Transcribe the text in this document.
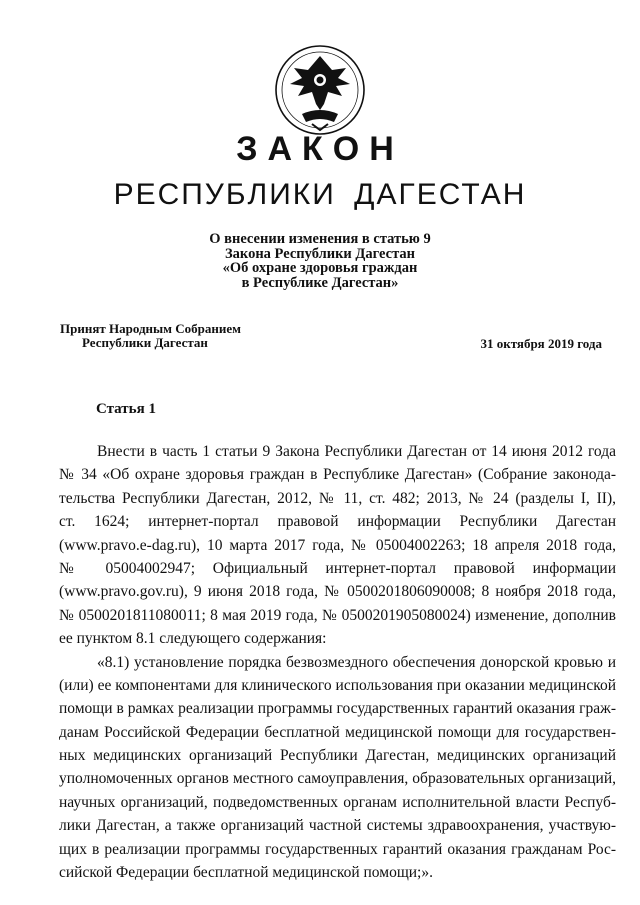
ЗАКОН
РЕСПУБЛИКИ ДАГЕСТАН
О внесении изменения в статью 9
Закона Республики Дагестан
«Об охране здоровья граждан
в Республике Дагестан»
Принят Народным Собранием
Республики Дагестан	31 октября 2019 года
Статья 1
Внести в часть 1 статьи 9 Закона Республики Дагестан от 14 июня 2012 года
№ 34 «Об охране здоровья граждан в Республике Дагестан» (Собрание законода-
тельства Республики Дагестан, 2012, № 11, ст. 482; 2013, № 24 (разделы I, II),
ст. 1624; интернет-портал правовой информации Республики Дагестан
(www.pravo.e-dag.ru), 10 марта 2017 года, № 05004002263; 18 апреля 2018 года,
№ 05004002947; Официальный интернет-портал правовой информации
(www.pravo.gov.ru), 9 июня 2018 года, № 0500201806090008; 8 ноября 2018 года,
№ 0500201811080011; 8 мая 2019 года, № 0500201905080024) изменение, дополнив
ее пунктом 8.1 следующего содержания:
«8.1) установление порядка безвозмездного обеспечения донорской кровью и
(или) ее компонентами для клинического использования при оказании медицинской
помощи в рамках реализации программы государственных гарантий оказания граж-
данам Российской Федерации бесплатной медицинской помощи для государствен-
ных медицинских организаций Республики Дагестан, медицинских организаций
уполномоченных органов местного самоуправления, образовательных организаций,
научных организаций, подведомственных органам исполнительной власти Респуб-
лики Дагестан, а также организаций частной системы здравоохранения, участвую-
щих в реализации программы государственных гарантий оказания гражданам Рос-
сийской Федерации бесплатной медицинской помощи;».
